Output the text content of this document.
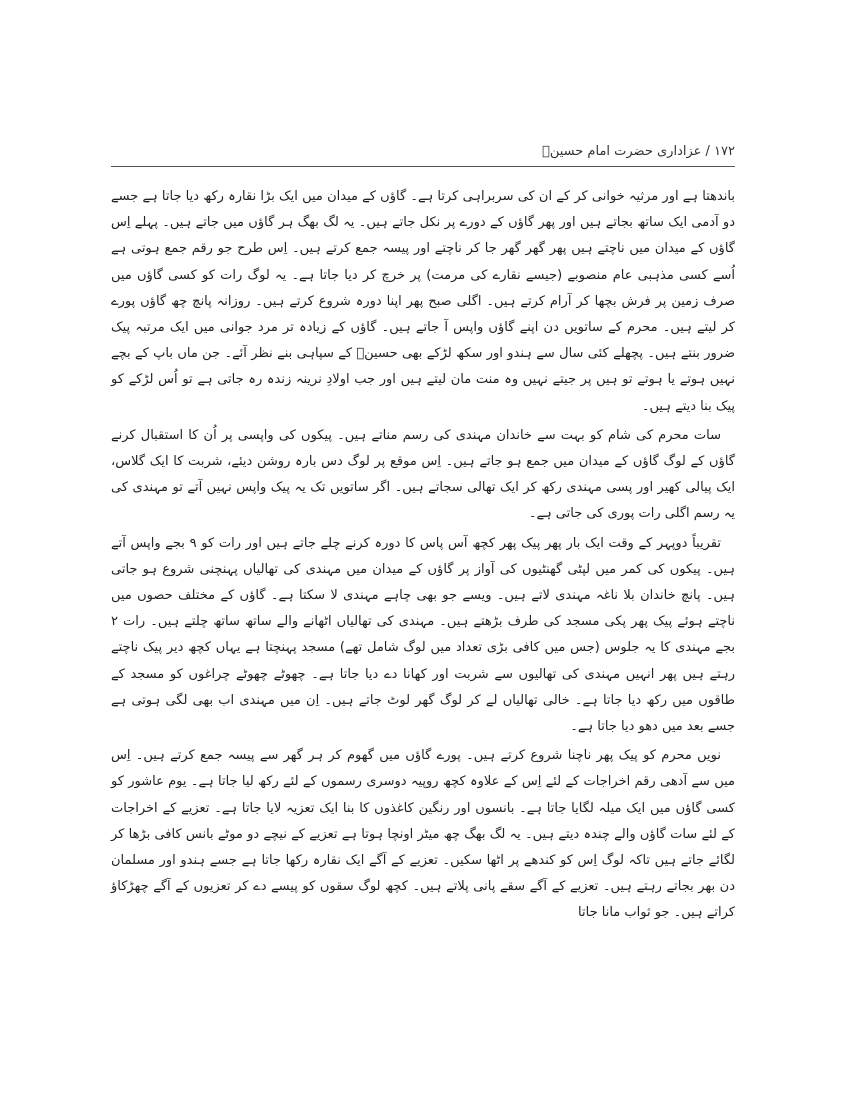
۱۷۲ / عزاداری حضرت امام حسینؑ

باندھتا ہے اور مرثیہ خوانی کر کے ان کی سربراہی کرتا ہے۔ گاؤں کے میدان میں ایک بڑا نقارہ رکھ دیا جاتا ہے جسے دو آدمی ایک ساتھ بجاتے ہیں اور پھر گاؤں کے دورے پر نکل جاتے ہیں۔ یہ لگ بھگ ہر گاؤں میں جاتے ہیں۔ پہلے اِس گاؤں کے میدان میں ناچتے ہیں پھر گھر گھر جا کر ناچتے اور پیسہ جمع کرتے ہیں۔ اِس طرح جو رقم جمع ہوتی ہے اُسے کسی مذہبی عام منصوبے (جیسے نقارے کی مرمت) پر خرچ کر دیا جاتا ہے۔ یہ لوگ رات کو کسی گاؤں میں صرف زمین پر فرش بچھا کر آرام کرتے ہیں۔ اگلی صبح پھر اپنا دورہ شروع کرتے ہیں۔ روزانہ پانچ چھ گاؤں پورے کر لیتے ہیں۔ محرم کے ساتویں دن اپنے گاؤں واپس آ جاتے ہیں۔ گاؤں کے زیادہ تر مرد جوانی میں ایک مرتبہ پیک ضرور بنتے ہیں۔ پچھلے کئی سال سے ہندو اور سکھ لڑکے بھی حسینؑ کے سپاہی بنے نظر آئے۔ جن ماں باپ کے بچے نہیں ہوتے یا ہوتے تو ہیں پر جیتے نہیں وہ منت مان لیتے ہیں اور جب اولادِ نرینہ زندہ رہ جاتی ہے تو اُس لڑکے کو پیک بنا دیتے ہیں۔

سات محرم کی شام کو بہت سے خاندان مہندی کی رسم مناتے ہیں۔ پیکوں کی واپسی پر اُن کا استقبال کرنے گاؤں کے لوگ گاؤں کے میدان میں جمع ہو جاتے ہیں۔ اِس موقع پر لوگ دس بارہ روشن دیئے، شربت کا ایک گلاس، ایک پیالی کھیر اور پسی مہندی رکھ کر ایک تھالی سجاتے ہیں۔ اگر ساتویں تک یہ پیک واپس نہیں آتے تو مہندی کی یہ رسم اگلی رات پوری کی جاتی ہے۔

تقریباً دوپہر کے وقت ایک بار پھر پیک پھر کچھ آس پاس کا دورہ کرنے چلے جاتے ہیں اور رات کو ۹ بجے واپس آتے ہیں۔ پیکوں کی کمر میں لپٹی گھنٹیوں کی آواز پر گاؤں کے میدان میں مہندی کی تھالیاں پہنچنی شروع ہو جاتی ہیں۔ پانچ خاندان بلا ناغہ مہندی لاتے ہیں۔ ویسے جو بھی چاہے مہندی لا سکتا ہے۔ گاؤں کے مختلف حصوں میں ناچتے ہوئے پیک پھر پکی مسجد کی طرف بڑھتے ہیں۔ مہندی کی تھالیاں اٹھانے والے ساتھ ساتھ چلتے ہیں۔ رات ۲ بجے مہندی کا یہ جلوس (جس میں کافی بڑی تعداد میں لوگ شامل تھے) مسجد پہنچتا ہے یہاں کچھ دیر پیک ناچتے رہتے ہیں پھر انہیں مہندی کی تھالیوں سے شربت اور کھانا دے دیا جاتا ہے۔ چھوٹے چھوٹے چراغوں کو مسجد کے طاقوں میں رکھ دیا جاتا ہے۔ خالی تھالیاں لے کر لوگ گھر لوٹ جاتے ہیں۔ اِن میں مہندی اب بھی لگی ہوتی ہے جسے بعد میں دھو دیا جاتا ہے۔

نویں محرم کو پیک پھر ناچنا شروع کرتے ہیں۔ پورے گاؤں میں گھوم کر ہر گھر سے پیسہ جمع کرتے ہیں۔ اِس میں سے آدھی رقم اخراجات کے لئے اِس کے علاوہ کچھ روپیہ دوسری رسموں کے لئے رکھ لیا جاتا ہے۔ یوم عاشور کو کسی گاؤں میں ایک میلہ لگایا جاتا ہے۔ بانسوں اور رنگین کاغذوں کا بنا ایک تعزیہ لایا جاتا ہے۔ تعزیے کے اخراجات کے لئے سات گاؤں والے چندہ دیتے ہیں۔ یہ لگ بھگ چھ میٹر اونچا ہوتا ہے تعزیے کے نیچے دو موٹے بانس کافی بڑھا کر لگائے جاتے ہیں تاکہ لوگ اِس کو کندھے پر اٹھا سکیں۔ تعزیے کے آگے ایک نقارہ رکھا جاتا ہے جسے ہندو اور مسلمان دن بھر بجاتے رہتے ہیں۔ تعزیے کے آگے سقے پانی پلاتے ہیں۔ کچھ لوگ سقوں کو پیسے دے کر تعزیوں کے آگے چھڑکاؤ کراتے ہیں۔ جو ثواب مانا جاتا
